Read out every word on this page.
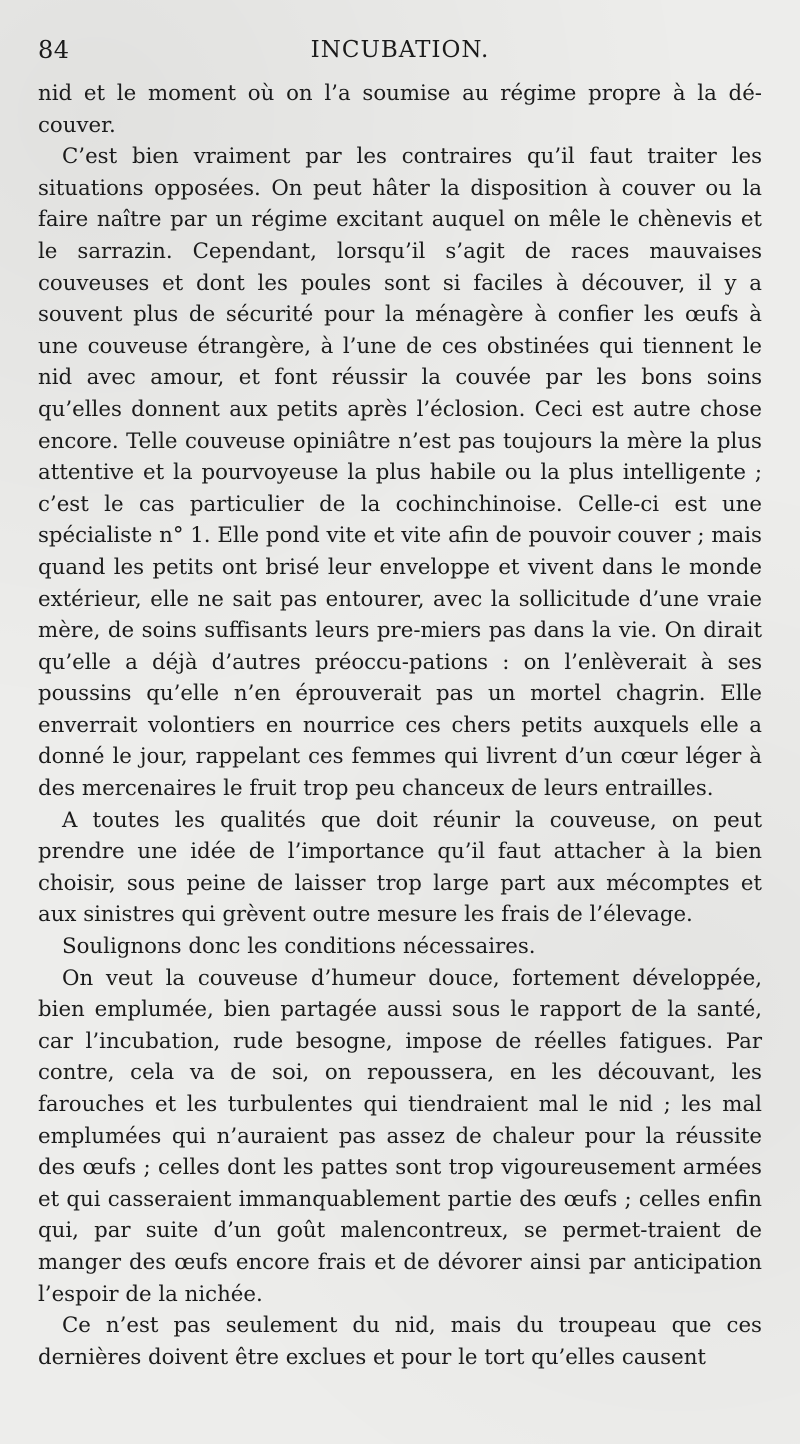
84	INCUBATION.

nid et le moment où on l’a soumise au régime propre à la dé-couver.

C’est bien vraiment par les contraires qu’il faut traiter les situations opposées. On peut hâter la disposition à couver ou la faire naître par un régime excitant auquel on mêle le chènevis et le sarrazin. Cependant, lorsqu’il s’agit de races mauvaises couveuses et dont les poules sont si faciles à découver, il y a souvent plus de sécurité pour la ménagère à confier les œufs à une couveuse étrangère, à l’une de ces obstinées qui tiennent le nid avec amour, et font réussir la couvée par les bons soins qu’elles donnent aux petits après l’éclosion. Ceci est autre chose encore. Telle couveuse opiniâtre n’est pas toujours la mère la plus attentive et la pourvoyeuse la plus habile ou la plus intelligente ; c’est le cas particulier de la cochinchinoise. Celle-ci est une spécialiste n° 1. Elle pond vite et vite afin de pouvoir couver ; mais quand les petits ont brisé leur enveloppe et vivent dans le monde extérieur, elle ne sait pas entourer, avec la sollicitude d’une vraie mère, de soins suffisants leurs pre-miers pas dans la vie. On dirait qu’elle a déjà d’autres préoccu-pations : on l’enlèverait à ses poussins qu’elle n’en éprouverait pas un mortel chagrin. Elle enverrait volontiers en nourrice ces chers petits auxquels elle a donné le jour, rappelant ces femmes qui livrent d’un cœur léger à des mercenaires le fruit trop peu chanceux de leurs entrailles.

A toutes les qualités que doit réunir la couveuse, on peut prendre une idée de l’importance qu’il faut attacher à la bien choisir, sous peine de laisser trop large part aux mécomptes et aux sinistres qui grèvent outre mesure les frais de l’élevage.

Soulignons donc les conditions nécessaires.

On veut la couveuse d’humeur douce, fortement développée, bien emplumée, bien partagée aussi sous le rapport de la santé, car l’incubation, rude besogne, impose de réelles fatigues. Par contre, cela va de soi, on repoussera, en les découvant, les farouches et les turbulentes qui tiendraient mal le nid ; les mal emplumées qui n’auraient pas assez de chaleur pour la réussite des œufs ; celles dont les pattes sont trop vigoureusement armées et qui casseraient immanquablement partie des œufs ; celles enfin qui, par suite d’un goût malencontreux, se permet-traient de manger des œufs encore frais et de dévorer ainsi par anticipation l’espoir de la nichée.

Ce n’est pas seulement du nid, mais du troupeau que ces dernières doivent être exclues et pour le tort qu’elles causent
